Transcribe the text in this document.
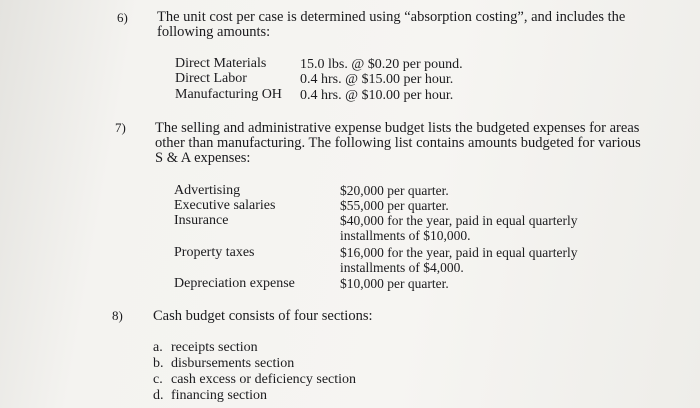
6) The unit cost per case is determined using “absorption costing”, and includes the
following amounts:
Direct Materials 15.0 lbs. @ $0.20 per pound.
Direct Labor	0.4 hrs. @ $15.00 per hour.
Manufacturing OH 0.4 hrs. @ $10.00 per hour.
7) The selling and administrative expense budget lists the budgeted expenses for areas
other than manufacturing. The following list contains amounts budgeted for various
S & A expenses:
Advertising	$20,000 per quarter.
Executive salaries	$55,000 per quarter.
Insurance	$40,000 for the year, paid in equal quarterly
installments of $10,000.
Property taxes	$16,000 for the year, paid in equal quarterly
installments of $4,000.
Depreciation expense	$10,000 per quarter.
8) Cash budget consists of four sections:
a. receipts section
b. disbursements section
c. cash excess or deficiency section
d. financing section
